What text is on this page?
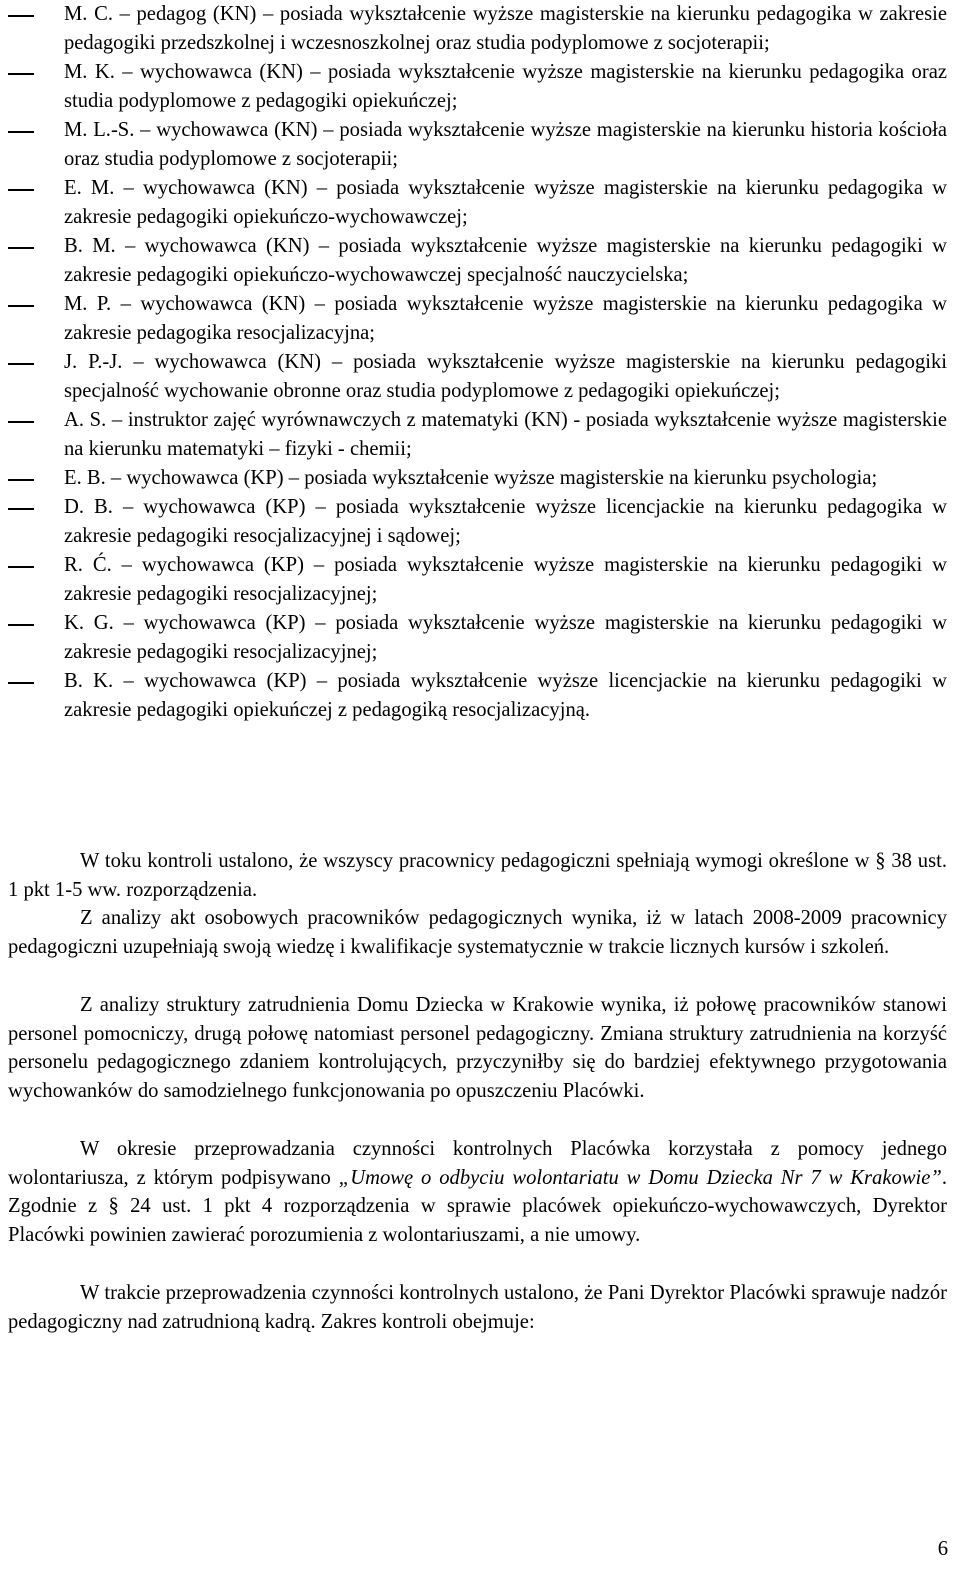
M. C. – pedagog (KN) – posiada wykształcenie wyższe magisterskie na kierunku pedagogika w zakresie pedagogiki przedszkolnej i wczesnoszkolnej oraz studia podyplomowe z socjoterapii;
M. K. – wychowawca (KN) – posiada wykształcenie wyższe magisterskie na kierunku pedagogika oraz studia podyplomowe z pedagogiki opiekuńczej;
M. L.-S. – wychowawca (KN) – posiada wykształcenie wyższe magisterskie na kierunku historia kościoła oraz studia podyplomowe z socjoterapii;
E. M. – wychowawca (KN) – posiada wykształcenie wyższe magisterskie na kierunku pedagogika w zakresie pedagogiki opiekuńczo-wychowawczej;
B. M. – wychowawca (KN) – posiada wykształcenie wyższe magisterskie na kierunku pedagogiki w zakresie pedagogiki opiekuńczo-wychowawczej specjalność nauczycielska;
M. P. – wychowawca (KN) – posiada wykształcenie wyższe magisterskie na kierunku pedagogika w zakresie pedagogika resocjalizacyjna;
J. P.-J. – wychowawca (KN) – posiada wykształcenie wyższe magisterskie na kierunku pedagogiki specjalność wychowanie obronne oraz studia podyplomowe z pedagogiki opiekuńczej;
A. S. – instruktor zajęć wyrównawczych z matematyki (KN) - posiada wykształcenie wyższe magisterskie na kierunku matematyki – fizyki - chemii;
E. B. – wychowawca (KP) – posiada wykształcenie wyższe magisterskie na kierunku psychologia;
D. B. – wychowawca (KP) – posiada wykształcenie wyższe licencjackie na kierunku pedagogika w zakresie pedagogiki resocjalizacyjnej i sądowej;
R. Ć. – wychowawca (KP) – posiada wykształcenie wyższe magisterskie na kierunku pedagogiki w zakresie pedagogiki resocjalizacyjnej;
K. G. – wychowawca (KP) – posiada wykształcenie wyższe magisterskie na kierunku pedagogiki w zakresie pedagogiki resocjalizacyjnej;
B. K. – wychowawca (KP) – posiada wykształcenie wyższe licencjackie na kierunku pedagogiki w zakresie pedagogiki opiekuńczej z pedagogiką resocjalizacyjną.

W toku kontroli ustalono, że wszyscy pracownicy pedagogiczni spełniają wymogi określone w § 38 ust. 1 pkt 1-5 ww. rozporządzenia.

Z analizy akt osobowych pracowników pedagogicznych wynika, iż w latach 2008-2009 pracownicy pedagogiczni uzupełniają swoją wiedzę i kwalifikacje systematycznie w trakcie licznych kursów i szkoleń.

Z analizy struktury zatrudnienia Domu Dziecka w Krakowie wynika, iż połowę pracowników stanowi personel pomocniczy, drugą połowę natomiast personel pedagogiczny. Zmiana struktury zatrudnienia na korzyść personelu pedagogicznego zdaniem kontrolujących, przyczyniłby się do bardziej efektywnego przygotowania wychowanków do samodzielnego funkcjonowania po opuszczeniu Placówki.

W okresie przeprowadzania czynności kontrolnych Placówka korzystała z pomocy jednego wolontariusza, z którym podpisywano „Umowę o odbyciu wolontariatu w Domu Dziecka Nr 7 w Krakowie”. Zgodnie z § 24 ust. 1 pkt 4 rozporządzenia w sprawie placówek opiekuńczo-wychowawczych, Dyrektor Placówki powinien zawierać porozumienia z wolontariuszami, a nie umowy.

W trakcie przeprowadzenia czynności kontrolnych ustalono, że Pani Dyrektor Placówki sprawuje nadzór pedagogiczny nad zatrudnioną kadrą. Zakres kontroli obejmuje:

6
